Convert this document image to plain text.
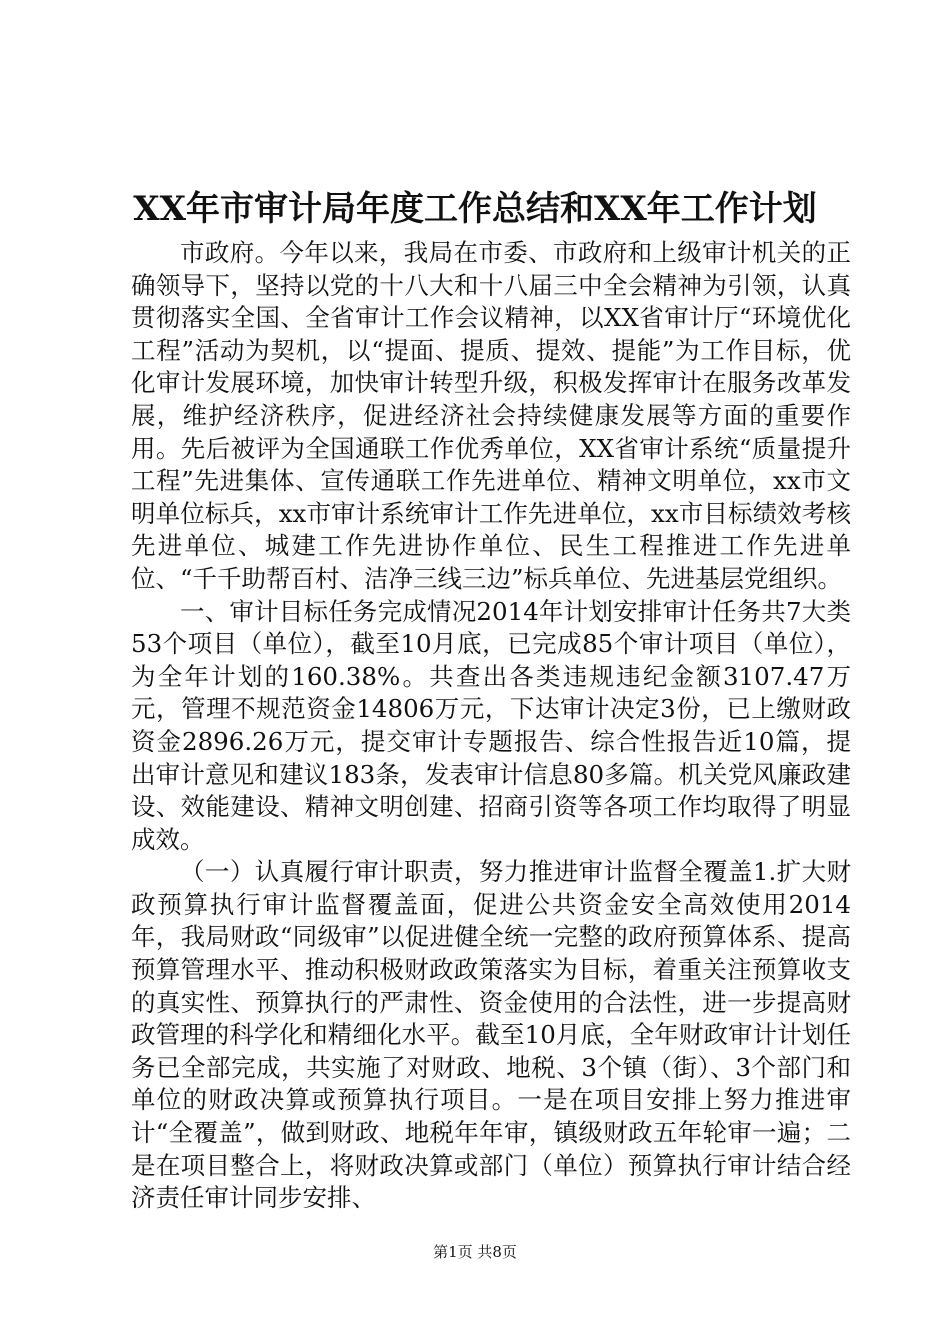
XX年市审计局年度工作总结和XX年工作计划

市政府。今年以来，我局在市委、市政府和上级审计机关的正确领导下，坚持以党的十八大和十八届三中全会精神为引领，认真贯彻落实全国、全省审计工作会议精神，以XX省审计厅“环境优化工程”活动为契机，以“提面、提质、提效、提能”为工作目标，优化审计发展环境，加快审计转型升级，积极发挥审计在服务改革发展，维护经济秩序，促进经济社会持续健康发展等方面的重要作用。先后被评为全国通联工作优秀单位，XX省审计系统“质量提升工程”先进集体、宣传通联工作先进单位、精神文明单位，xx市文明单位标兵，xx市审计系统审计工作先进单位，xx市目标绩效考核先进单位、城建工作先进协作单位、民生工程推进工作先进单位、“千千助帮百村、洁净三线三边”标兵单位、先进基层党组织。

一、审计目标任务完成情况2014年计划安排审计任务共7大类53个项目（单位），截至10月底，已完成85个审计项目（单位），为全年计划的160.38%。共查出各类违规违纪金额3107.47万元，管理不规范资金14806万元，下达审计决定3份，已上缴财政资金2896.26万元，提交审计专题报告、综合性报告近10篇，提出审计意见和建议183条，发表审计信息80多篇。机关党风廉政建设、效能建设、精神文明创建、招商引资等各项工作均取得了明显成效。

（一）认真履行审计职责，努力推进审计监督全覆盖1.扩大财政预算执行审计监督覆盖面，促进公共资金安全高效使用2014年，我局财政“同级审”以促进健全统一完整的政府预算体系、提高预算管理水平、推动积极财政政策落实为目标，着重关注预算收支的真实性、预算执行的严肃性、资金使用的合法性，进一步提高财政管理的科学化和精细化水平。截至10月底，全年财政审计计划任务已全部完成，共实施了对财政、地税、3个镇（街）、3个部门和单位的财政决算或预算执行项目。一是在项目安排上努力推进审计“全覆盖”，做到财政、地税年年审，镇级财政五年轮审一遍；二是在项目整合上，将财政决算或部门（单位）预算执行审计结合经济责任审计同步安排、

第1页 共8页
